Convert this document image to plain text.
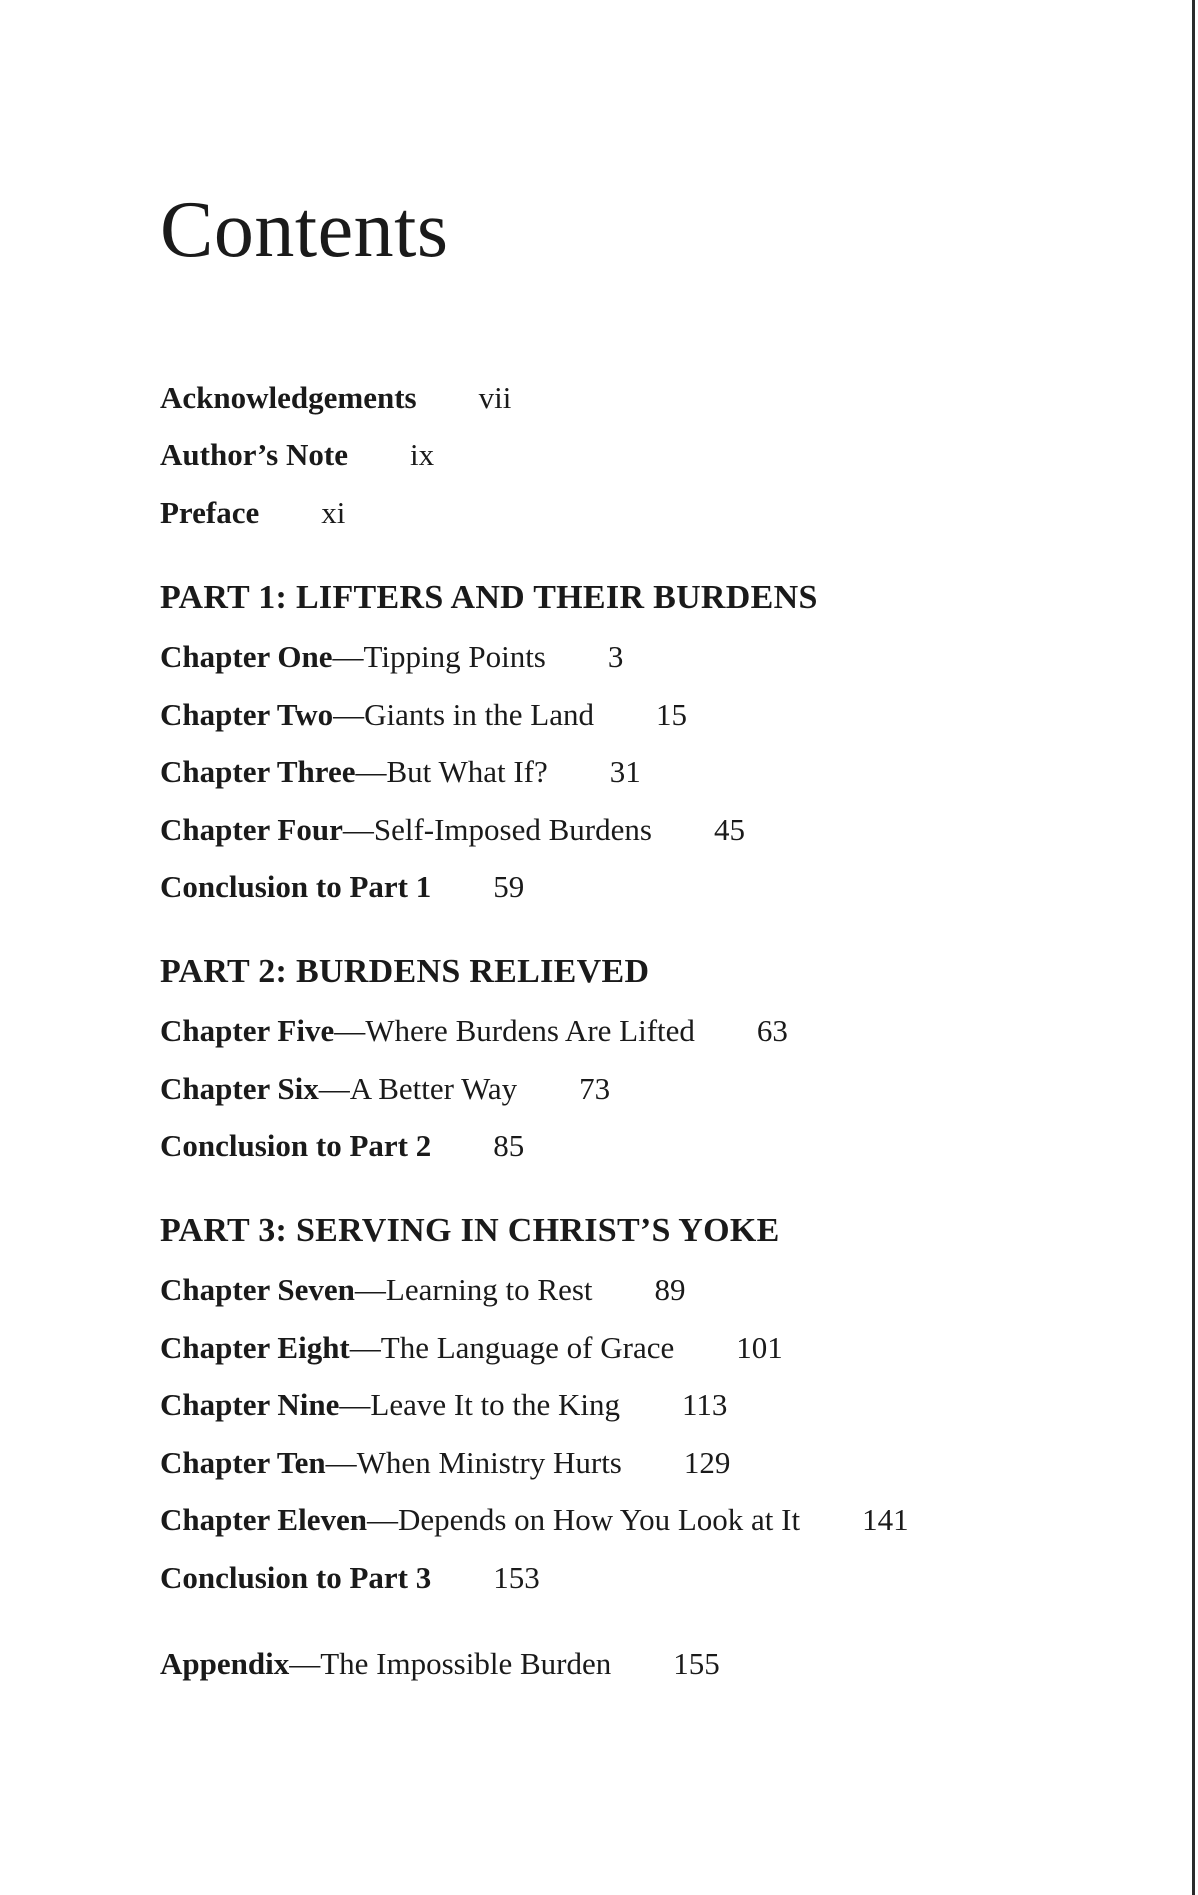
Contents
Acknowledgements vii
Author’s Note ix
Preface xi
PART 1: LIFTERS AND THEIR BURDENS
Chapter One—Tipping Points 3
Chapter Two—Giants in the Land 15
Chapter Three—But What If? 31
Chapter Four—Self-Imposed Burdens 45
Conclusion to Part 1 59
PART 2: BURDENS RELIEVED
Chapter Five—Where Burdens Are Lifted 63
Chapter Six—A Better Way 73
Conclusion to Part 2 85
PART 3: SERVING IN CHRIST’S YOKE
Chapter Seven—Learning to Rest 89
Chapter Eight—The Language of Grace 101
Chapter Nine—Leave It to the King 113
Chapter Ten—When Ministry Hurts 129
Chapter Eleven—Depends on How You Look at It 141
Conclusion to Part 3 153
Appendix—The Impossible Burden 155
